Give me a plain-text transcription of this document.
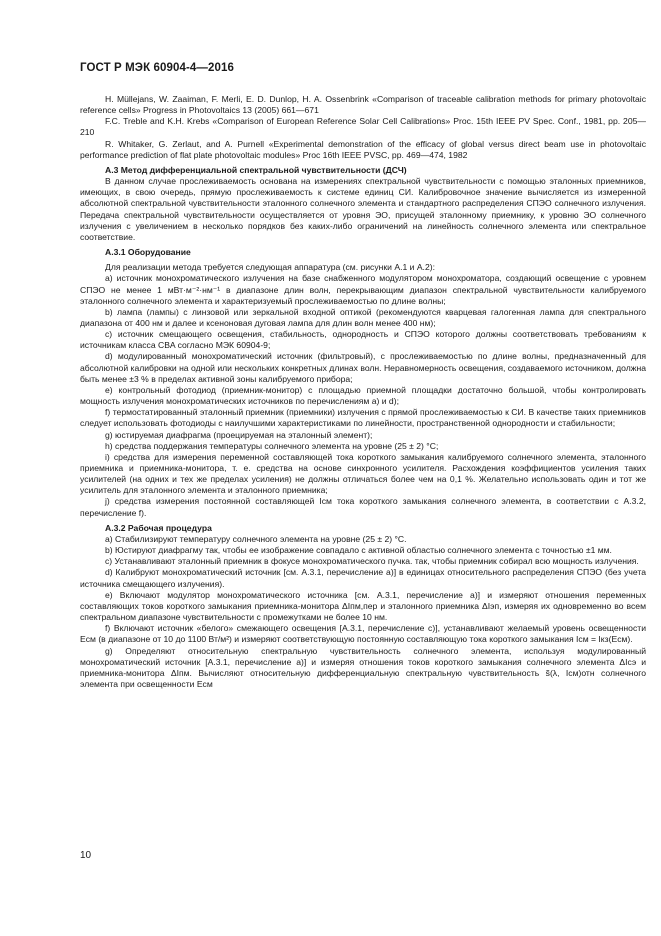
ГОСТ Р МЭК 60904-4—2016

H. Müllejans, W. Zaaiman, F. Merli, E. D. Dunlop, H. A. Ossenbrink «Comparison of traceable calibration methods for primary photovoltaic reference cells» Progress in Photovoltaics 13 (2005) 661—671

F.C. Treble and K.H. Krebs «Comparison of European Reference Solar Cell Calibrations» Proc. 15th IEEE PV Spec. Conf., 1981, pp. 205—210

R. Whitaker, G. Zerlaut, and A. Purnell «Experimental demonstration of the efficacy of global versus direct beam use in photovoltaic performance prediction of flat plate photovoltaic modules» Proc 16th IEEE PVSC, pp. 469—474, 1982

А.3 Метод дифференциальной спектральной чувствительности (ДСЧ)

В данном случае прослеживаемость основана на измерениях спектральной чувствительности с помощью эталонных приемников, имеющих, в свою очередь, прямую прослеживаемость к системе единиц СИ. Калибровочное значение вычисляется из измеренной абсолютной спектральной чувствительности эталонного солнечного элемента и стандартного распределения СПЭО солнечного излучения. Передача спектральной чувствительности осуществляется от уровня ЭО, присущей эталонному приемнику, к уровню ЭО солнечного излучения с увеличением в несколько порядков без каких-либо ограничений на линейность солнечного элемента или спектральное соответствие.

А.3.1 Оборудование

Для реализации метода требуется следующая аппаратура (см. рисунки А.1 и А.2):

a) источник монохроматического излучения на базе снабженного модулятором монохроматора, создающий освещение с уровнем СПЭО не менее 1 мВт·м⁻²·нм⁻¹ в диапазоне длин волн, перекрывающим диапазон спектральной чувствительности калибруемого эталонного солнечного элемента и характеризуемый прослеживаемостью по длине волны;

b) лампа (лампы) с линзовой или зеркальной входной оптикой (рекомендуются кварцевая галогенная лампа для спектрального диапазона от 400 нм и далее и ксеноновая дуговая лампа для длин волн менее 400 нм);

c) источник смещающего освещения, стабильность, однородность и СПЭО которого должны соответствовать требованиям к источникам класса CBA согласно МЭК 60904-9;

d) модулированный монохроматический источник (фильтровый), с прослеживаемостью по длине волны, предназначенный для абсолютной калибровки на одной или нескольких конкретных длинах волн. Неравномерность освещения, создаваемого источником, должна быть менее ±3 % в пределах активной зоны калибруемого прибора;

e) контрольный фотодиод (приемник-монитор) с площадью приемной площадки достаточно большой, чтобы контролировать мощность излучения монохроматических источников по перечислениям а) и d);

f) термостатированный эталонный приемник (приемники) излучения с прямой прослеживаемостью к СИ. В качестве таких приемников следует использовать фотодиоды с наилучшими характеристиками по линейности, пространственной однородности и стабильности;

g) юстируемая диафрагма (проецируемая на эталонный элемент);

h) средства поддержания температуры солнечного элемента на уровне (25 ± 2) °С;

i) средства для измерения переменной составляющей тока короткого замыкания калибруемого солнечного элемента, эталонного приемника и приемника-монитора, т. е. средства на основе синхронного усилителя. Расхождения коэффициентов усиления таких усилителей (на одних и тех же пределах усиления) не должны отличаться более чем на 0,1 %. Желательно использовать один и тот же усилитель для эталонного элемента и эталонного приемника;

j) средства измерения постоянной составляющей Iсм тока короткого замыкания солнечного элемента, в соответствии с А.3.2, перечисление f).

А.3.2 Рабочая процедура

a) Стабилизируют температуру солнечного элемента на уровне (25 ± 2) °С.

b) Юстируют диафрагму так, чтобы ее изображение совпадало с активной областью солнечного элемента с точностью ±1 мм.

c) Устанавливают эталонный приемник в фокусе монохроматического пучка. так, чтобы приемник собирал всю мощность излучения.

d) Калибруют монохроматический источник [см. А.3.1, перечисление а)] в единицах относительного распределения СПЭО (без учета источника смещающего излучения).

e) Включают модулятор монохроматического источника [см. А.3.1, перечисление а)] и измеряют отношения переменных составляющих токов короткого замыкания приемника-монитора ΔIпм,пер и эталонного приемника ΔIэп, измеряя их одновременно во всем спектральном диапазоне чувствительности с промежутками не более 10 нм.

f) Включают источник «белого» смежающего освещения [А.3.1, перечисление c)], устанавливают желаемый уровень освещенности Eсм (в диапазоне от 10 до 1100 Вт/м²) и измеряют соответствующую постоянную составляющую тока короткого замыкания Iсм = Iкз(Eсм).

g) Определяют относительную спектральную чувствительность солнечного элемента, используя модулированный монохроматический источник [А.3.1, перечисление а)] и измеряя отношения токов короткого замыкания солнечного элемента ΔIсэ и приемника-монитора ΔIпм. Вычисляют относительную дифференциальную спектральную чувствительность s̃(λ, Iсм)отн солнечного элемента при освещенности Eсм

10
